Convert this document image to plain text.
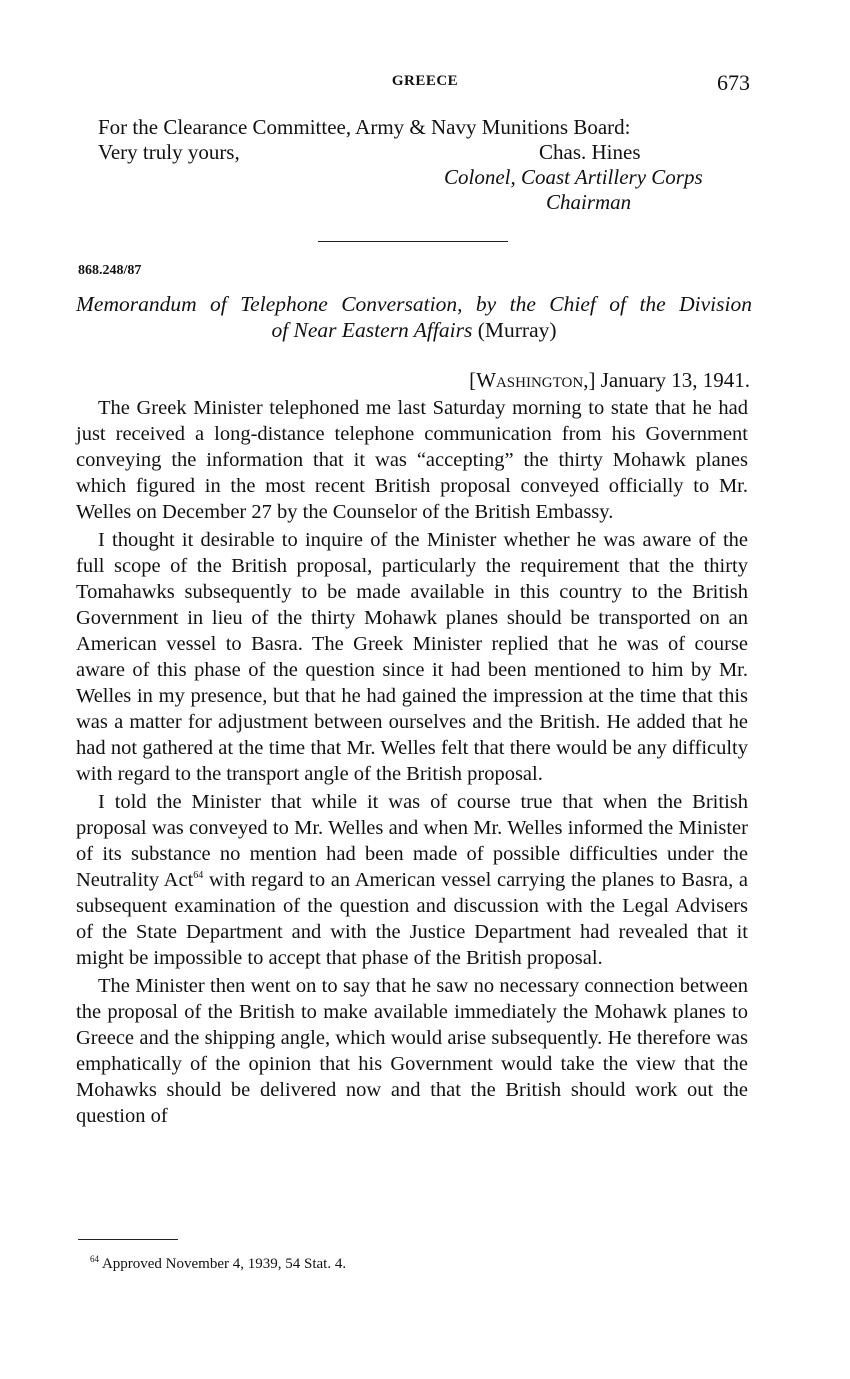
GREECE	673
For the Clearance Committee, Army & Navy Munitions Board:
Very truly yours,	Chas. Hines
Colonel, Coast Artillery Corps
Chairman
868.248/87
Memorandum of Telephone Conversation, by the Chief of the Division
of Near Eastern Affairs (Murray)
[Washington,] January 13, 1941.

The Greek Minister telephoned me last Saturday morning to state that he had just received a long-distance telephone communication from his Government conveying the information that it was “accepting” the thirty Mohawk planes which figured in the most recent British proposal conveyed officially to Mr. Welles on December 27 by the Counselor of the British Embassy.

I thought it desirable to inquire of the Minister whether he was aware of the full scope of the British proposal, particularly the requirement that the thirty Tomahawks subsequently to be made available in this country to the British Government in lieu of the thirty Mohawk planes should be transported on an American vessel to Basra. The Greek Minister replied that he was of course aware of this phase of the question since it had been mentioned to him by Mr. Welles in my presence, but that he had gained the impression at the time that this was a matter for adjustment between ourselves and the British. He added that he had not gathered at the time that Mr. Welles felt that there would be any difficulty with regard to the transport angle of the British proposal.

I told the Minister that while it was of course true that when the British proposal was conveyed to Mr. Welles and when Mr. Welles informed the Minister of its substance no mention had been made of possible difficulties under the Neutrality Act$^{64}$ with regard to an American vessel carrying the planes to Basra, a subsequent examination of the question and discussion with the Legal Advisers of the State Department and with the Justice Department had revealed that it might be impossible to accept that phase of the British proposal.

The Minister then went on to say that he saw no necessary connection between the proposal of the British to make available immediately the Mohawk planes to Greece and the shipping angle, which would arise subsequently. He therefore was emphatically of the opinion that his Government would take the view that the Mohawks should be delivered now and that the British should work out the question of

$^{64}$ Approved November 4, 1939, 54 Stat. 4.
